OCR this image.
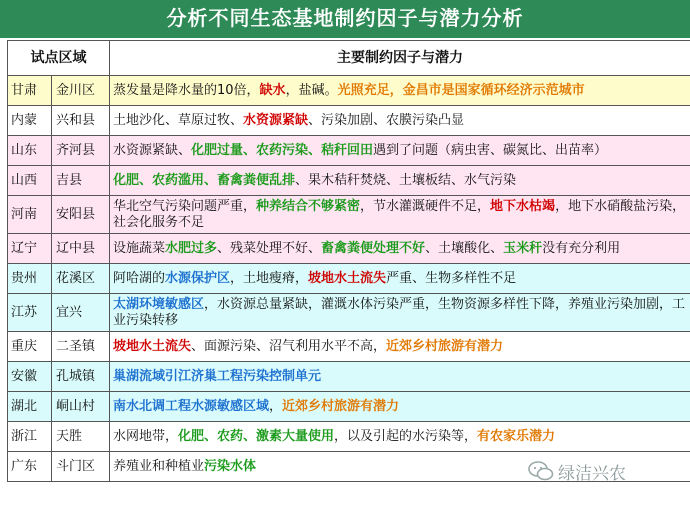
分析不同生态基地制约因子与潜力分析
试点区域		主要制约因子与潜力
甘肃	金川区	蒸发量是降水量的10倍，缺水，盐碱。光照充足，金昌市是国家循环经济示范城市
内蒙	兴和县	土地沙化、草原过牧、水资源紧缺、污染加剧、农膜污染凸显
山东	齐河县	水资源紧缺、化肥过量、农药污染、秸秆回田遇到了问题（病虫害、碳氮比、出苗率）
山西	吉县	化肥、农药滥用、畜禽粪便乱排、果木秸秆焚烧、土壤板结、水气污染
河南	安阳县	华北空气污染问题严重，种养结合不够紧密，节水灌溉硬件不足，地下水枯竭，地下水硝酸盐污染，社会化服务不足
辽宁	辽中县	设施蔬菜水肥过多、残菜处理不好、畜禽粪便处理不好、土壤酸化、玉米秆没有充分利用
贵州	花溪区	阿哈湖的水源保护区，土地瘦瘠，坡地水土流失严重、生物多样性不足
江苏	宜兴	太湖环境敏感区，水资源总量紧缺，灌溉水体污染严重，生物资源多样性下降，养殖业污染加剧，工业污染转移
重庆	二圣镇	坡地水土流失、面源污染、沼气利用水平不高，近郊乡村旅游有潜力
安徽	孔城镇	巢湖流域引江济巢工程污染控制单元
湖北	峒山村	南水北调工程水源敏感区域，近郊乡村旅游有潜力
浙江	天胜	水网地带，化肥、农药、激素大量使用，以及引起的水污染等，有农家乐潜力
广东	斗门区	养殖业和种植业污染水体	绿洁兴农
